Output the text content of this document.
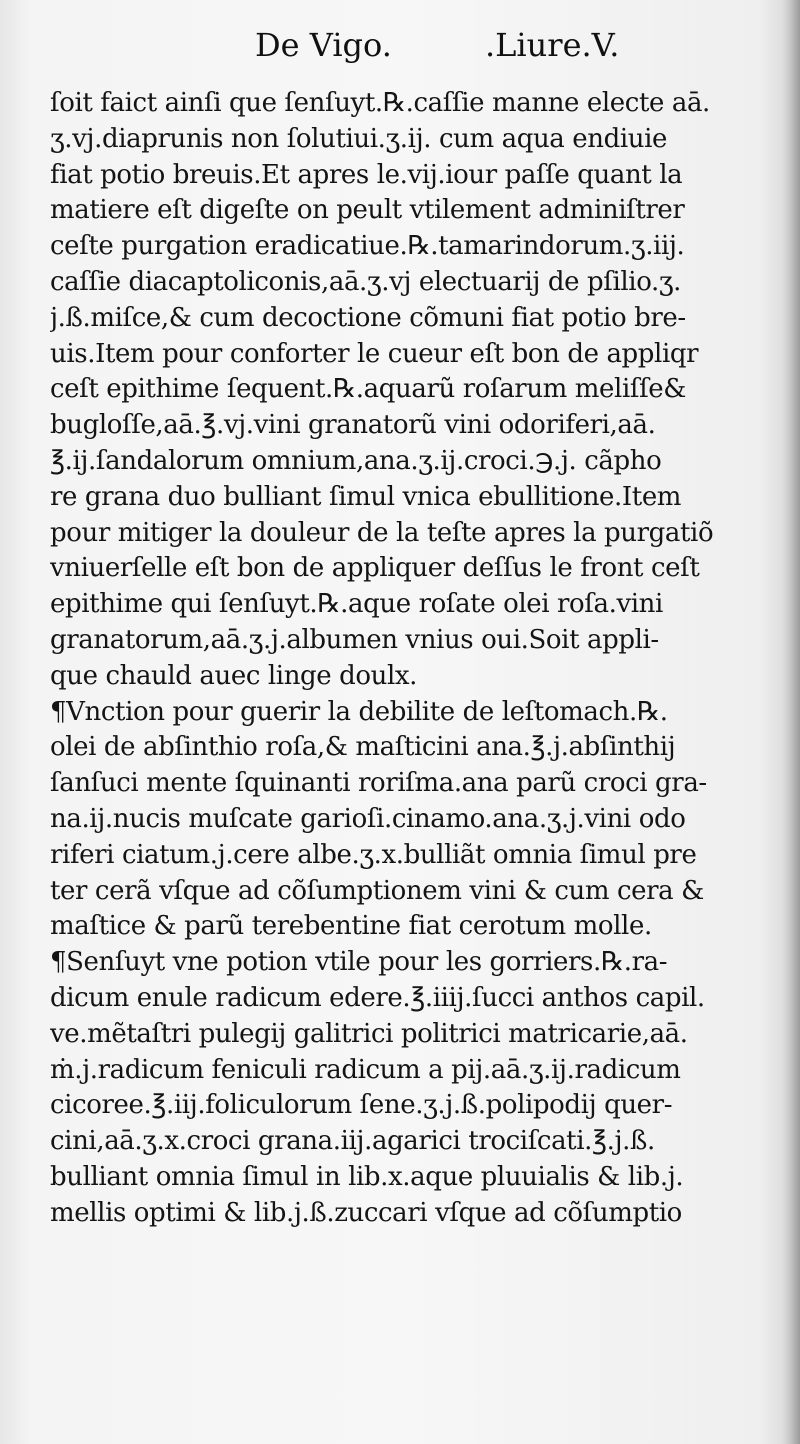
De Vigo.	.Liure.V.
ſoit faict ainſi que ſenſuyt.℞.caſſie manne electe aā.
ʒ.vj.diaprunis non ſolutiui.ʒ.ij. cum aqua endiuie
fiat potio breuis.Et apres le.vij.iour paſſe quant la
matiere eſt digeſte on peult vtilement adminiſtrer
ceſte purgation eradicatiue.℞.tamarindorum.ʒ.iij.
caſſie diacaptoliconis,aā.ʒ.vj electuarij de pſilio.ʒ.
j.ß.miſce,& cum decoctione cõmuni fiat potio bre-
uis.Item pour conforter le cueur eſt bon de appliqr
ceſt epithime ſequent.℞.aquarũ roſarum meliſſe&
bugloſſe,aā.℥.vj.vini granatorũ vini odoriferi,aā.
℥.ij.ſandalorum omnium,ana.ʒ.ij.croci.℈.j. cãpho
re grana duo bulliant ſimul vnica ebullitione.Item
pour mitiger la douleur de la teſte apres la purgatiõ
vniuerſelle eſt bon de appliquer deſſus le front ceſt
epithime qui ſenſuyt.℞.aque roſate olei roſa.vini
granatorum,aā.ʒ.j.albumen vnius oui.Soit appli-
que chauld auec linge doulx.
¶Vnction pour guerir la debilite de leſtomach.℞.
olei de abſinthio roſa,& maſticini ana.℥.j.abſinthij
ſanſuci mente ſquinanti roriſma.ana parũ croci gra-
na.ij.nucis muſcate garioſi.cinamo.ana.ʒ.j.vini odo
riferi ciatum.j.cere albe.ʒ.x.bulliãt omnia ſimul pre
ter cerã vſque ad cõſumptionem vini & cum cera &
maſtice & parũ terebentine fiat cerotum molle.
¶Senſuyt vne potion vtile pour les gorriers.℞.ra-
dicum enule radicum edere.℥.iiij.ſucci anthos capil.
ve.mẽtaſtri pulegij galitrici politrici matricarie,aā.
ṁ.j.radicum feniculi radicum a pij.aā.ʒ.ij.radicum
cicoree.℥.iij.foliculorum ſene.ʒ.j.ß.polipodij quer-
cini,aā.ʒ.x.croci grana.iij.agarici trociſcati.℥.j.ß.
bulliant omnia ſimul in lib.x.aque pluuialis & lib.j.
mellis optimi & lib.j.ß.zuccari vſque ad cõſumptio
